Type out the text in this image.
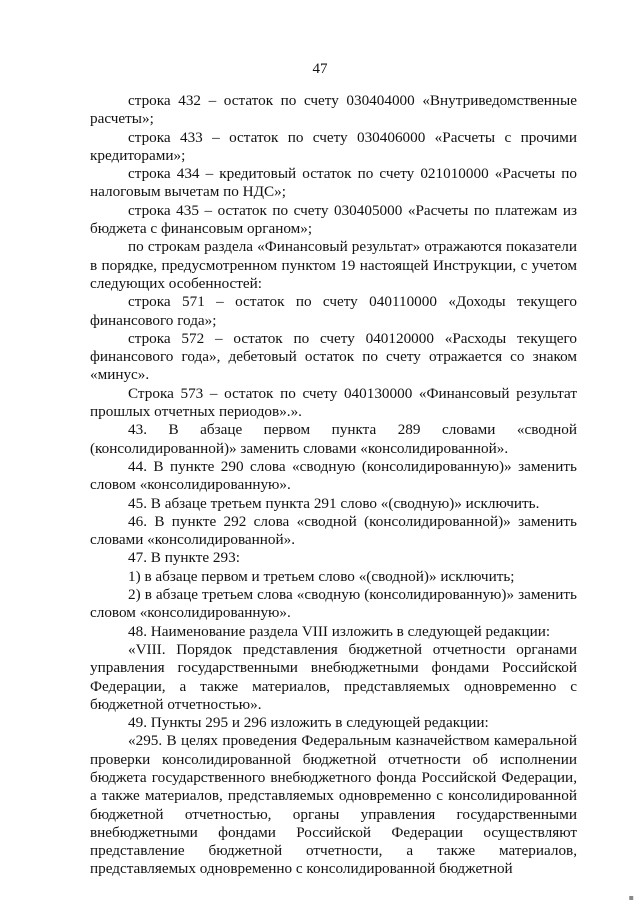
47

строка 432 – остаток по счету 030404000 «Внутриведомственные расчеты»;

строка 433 – остаток по счету 030406000 «Расчеты с прочими кредиторами»;

строка 434 – кредитовый остаток по счету 021010000 «Расчеты по налоговым вычетам по НДС»;

строка 435 – остаток по счету 030405000 «Расчеты по платежам из бюджета с финансовым органом»;

по строкам раздела «Финансовый результат» отражаются показатели в порядке, предусмотренном пунктом 19 настоящей Инструкции, с учетом следующих особенностей:

строка 571 – остаток по счету 040110000 «Доходы текущего финансового года»;

строка 572 – остаток по счету 040120000 «Расходы текущего финансового года», дебетовый остаток по счету отражается со знаком «минус».

Строка 573 – остаток по счету 040130000 «Финансовый результат прошлых отчетных периодов».».

43. В абзаце первом пункта 289 словами «сводной (консолидированной)» заменить словами «консолидированной».

44. В пункте 290 слова «сводную (консолидированную)» заменить словом «консолидированную».

45. В абзаце третьем пункта 291 слово «(сводную)» исключить.

46. В пункте 292 слова «сводной (консолидированной)» заменить словами «консолидированной».

47. В пункте 293:

1) в абзаце первом и третьем слово «(сводной)» исключить;

2) в абзаце третьем слова «сводную (консолидированную)» заменить словом «консолидированную».

48. Наименование раздела VIII изложить в следующей редакции:

«VIII. Порядок представления бюджетной отчетности органами управления государственными внебюджетными фондами Российской Федерации, а также материалов, представляемых одновременно с бюджетной отчетностью».

49. Пункты 295 и 296 изложить в следующей редакции:

«295. В целях проведения Федеральным казначейством камеральной проверки консолидированной бюджетной отчетности об исполнении бюджета государственного внебюджетного фонда Российской Федерации, а также материалов, представляемых одновременно с консолидированной бюджетной отчетностью, органы управления государственными внебюджетными фондами Российской Федерации осуществляют представление бюджетной отчетности, а также материалов, представляемых одновременно с консолидированной бюджетной

▪
